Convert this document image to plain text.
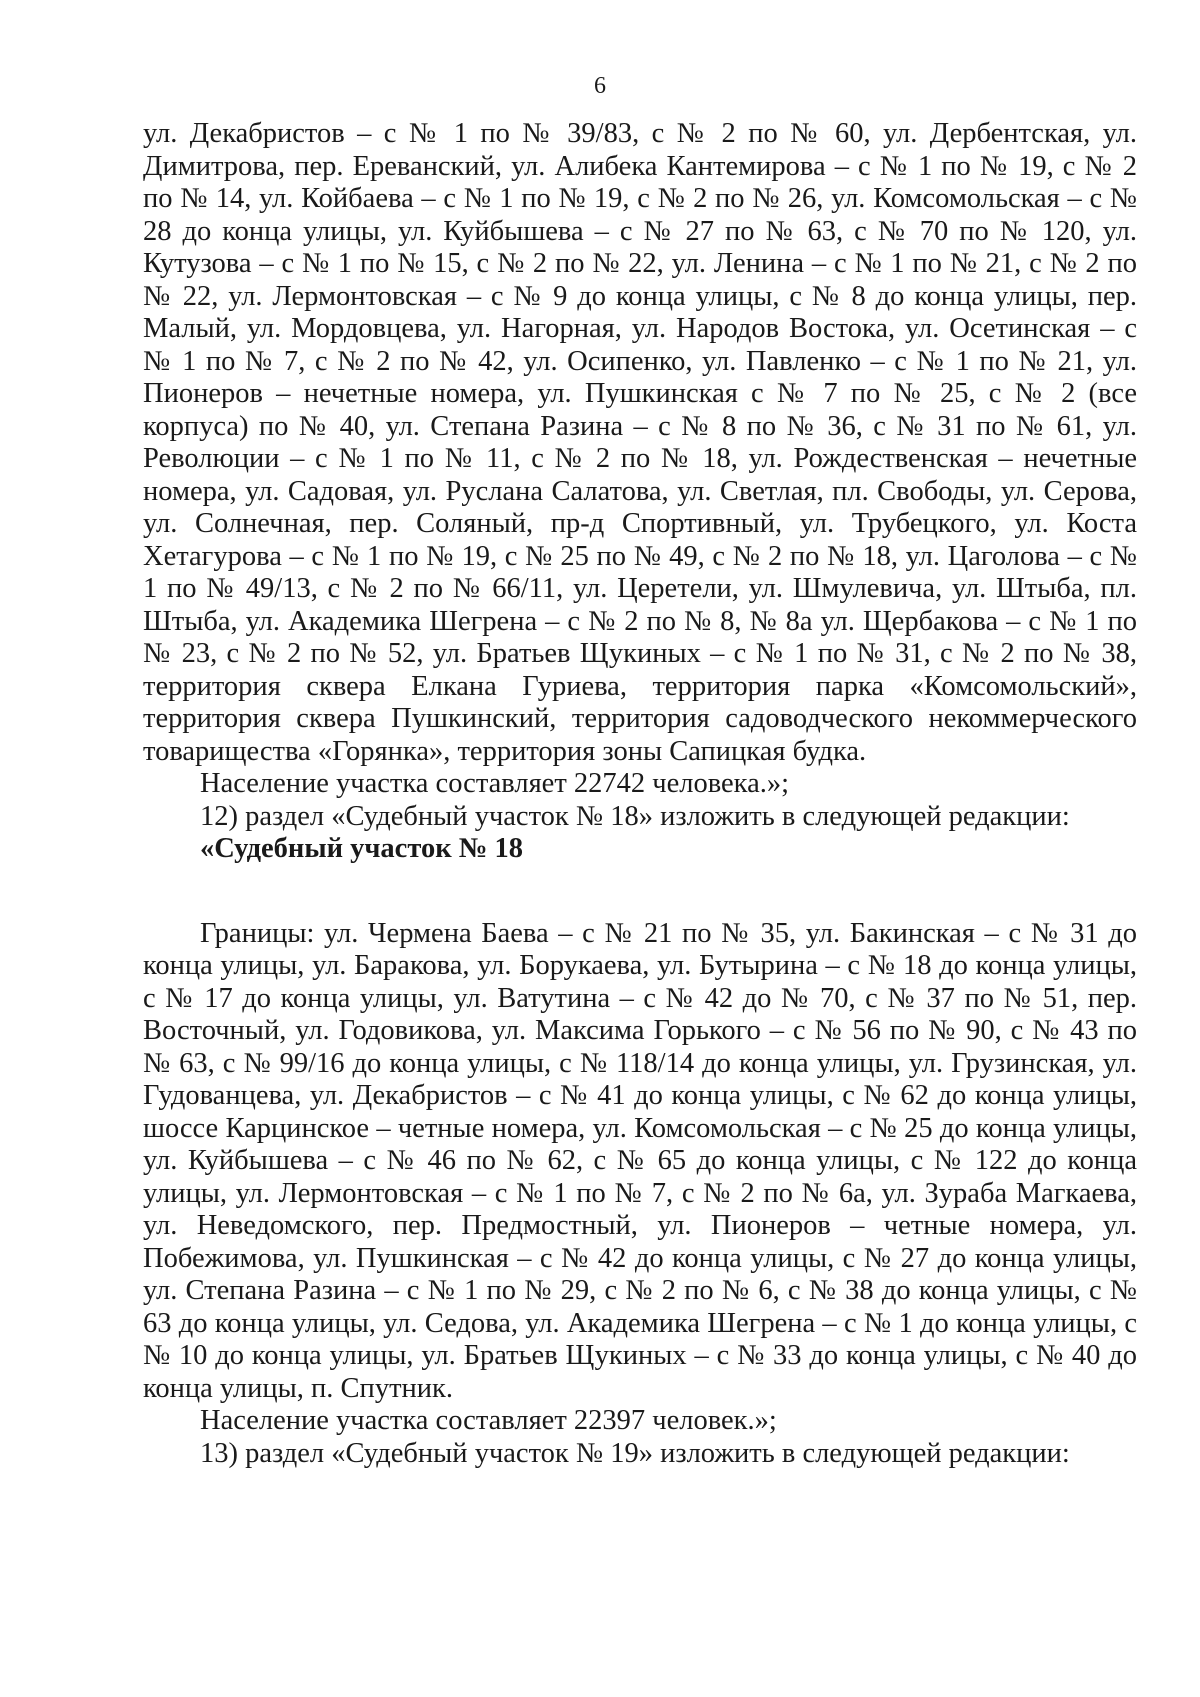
6

ул. Декабристов – с № 1 по № 39/83, с № 2 по № 60, ул. Дербентская, ул. Димитрова, пер. Ереванский, ул. Алибека Кантемирова – с № 1 по № 19, с № 2 по № 14, ул. Койбаева – с № 1 по № 19, с № 2 по № 26, ул. Комсомольская – с № 28 до конца улицы, ул. Куйбышева – с № 27 по № 63, с № 70 по № 120, ул. Кутузова – с № 1 по № 15, с № 2 по № 22, ул. Ленина – с № 1 по № 21, с № 2 по № 22, ул. Лермонтовская – с № 9 до конца улицы, с № 8 до конца улицы, пер. Малый, ул. Мордовцева, ул. Нагорная, ул. Народов Востока, ул. Осетинская – с № 1 по № 7, с № 2 по № 42, ул. Осипенко, ул. Павленко – с № 1 по № 21, ул. Пионеров – нечетные номера, ул. Пушкинская с № 7 по № 25, с № 2 (все корпуса) по № 40, ул. Степана Разина – с № 8 по № 36, с № 31 по № 61, ул. Революции – с № 1 по № 11, с № 2 по № 18, ул. Рождественская – нечетные номера, ул. Садовая, ул. Руслана Салатова, ул. Светлая, пл. Свободы, ул. Серова, ул. Солнечная, пер. Соляный, пр-д Спортивный, ул. Трубецкого, ул. Коста Хетагурова – с № 1 по № 19, с № 25 по № 49, с № 2 по № 18, ул. Цаголова – с № 1 по № 49/13, с № 2 по № 66/11, ул. Церетели, ул. Шмулевича, ул. Штыба, пл. Штыба, ул. Академика Шегрена – с № 2 по № 8, № 8а ул. Щербакова – с № 1 по № 23, с № 2 по № 52, ул. Братьев Щукиных – с № 1 по № 31, с № 2 по № 38, территория сквера Елкана Гуриева, территория парка «Комсомольский», территория сквера Пушкинский, территория садоводческого некоммерческого товарищества «Горянка», территория зоны Сапицкая будка.

Население участка составляет 22742 человека.»;

12) раздел «Судебный участок № 18» изложить в следующей редакции:

«Судебный участок № 18

Границы: ул. Чермена Баева – с № 21 по № 35, ул. Бакинская – с № 31 до конца улицы, ул. Баракова, ул. Борукаева, ул. Бутырина – с № 18 до конца улицы, с № 17 до конца улицы, ул. Ватутина – с № 42 до № 70, с № 37 по № 51, пер. Восточный, ул. Годовикова, ул. Максима Горького – с № 56 по № 90, с № 43 по № 63, с № 99/16 до конца улицы, с № 118/14 до конца улицы, ул. Грузинская, ул. Гудованцева, ул. Декабристов – с № 41 до конца улицы, с № 62 до конца улицы, шоссе Карцинское – четные номера, ул. Комсомольская – с № 25 до конца улицы, ул. Куйбышева – с № 46 по № 62, с № 65 до конца улицы, с № 122 до конца улицы, ул. Лермонтовская – с № 1 по № 7, с № 2 по № 6а, ул. Зураба Магкаева, ул. Неведомского, пер. Предмостный, ул. Пионеров – четные номера, ул. Побежимова, ул. Пушкинская – с № 42 до конца улицы, с № 27 до конца улицы, ул. Степана Разина – с № 1 по № 29, с № 2 по № 6, с № 38 до конца улицы, с № 63 до конца улицы, ул. Седова, ул. Академика Шегрена – с № 1 до конца улицы, с № 10 до конца улицы, ул. Братьев Щукиных – с № 33 до конца улицы, с № 40 до конца улицы, п. Спутник.

Население участка составляет 22397 человек.»;

13) раздел «Судебный участок № 19» изложить в следующей редакции:
